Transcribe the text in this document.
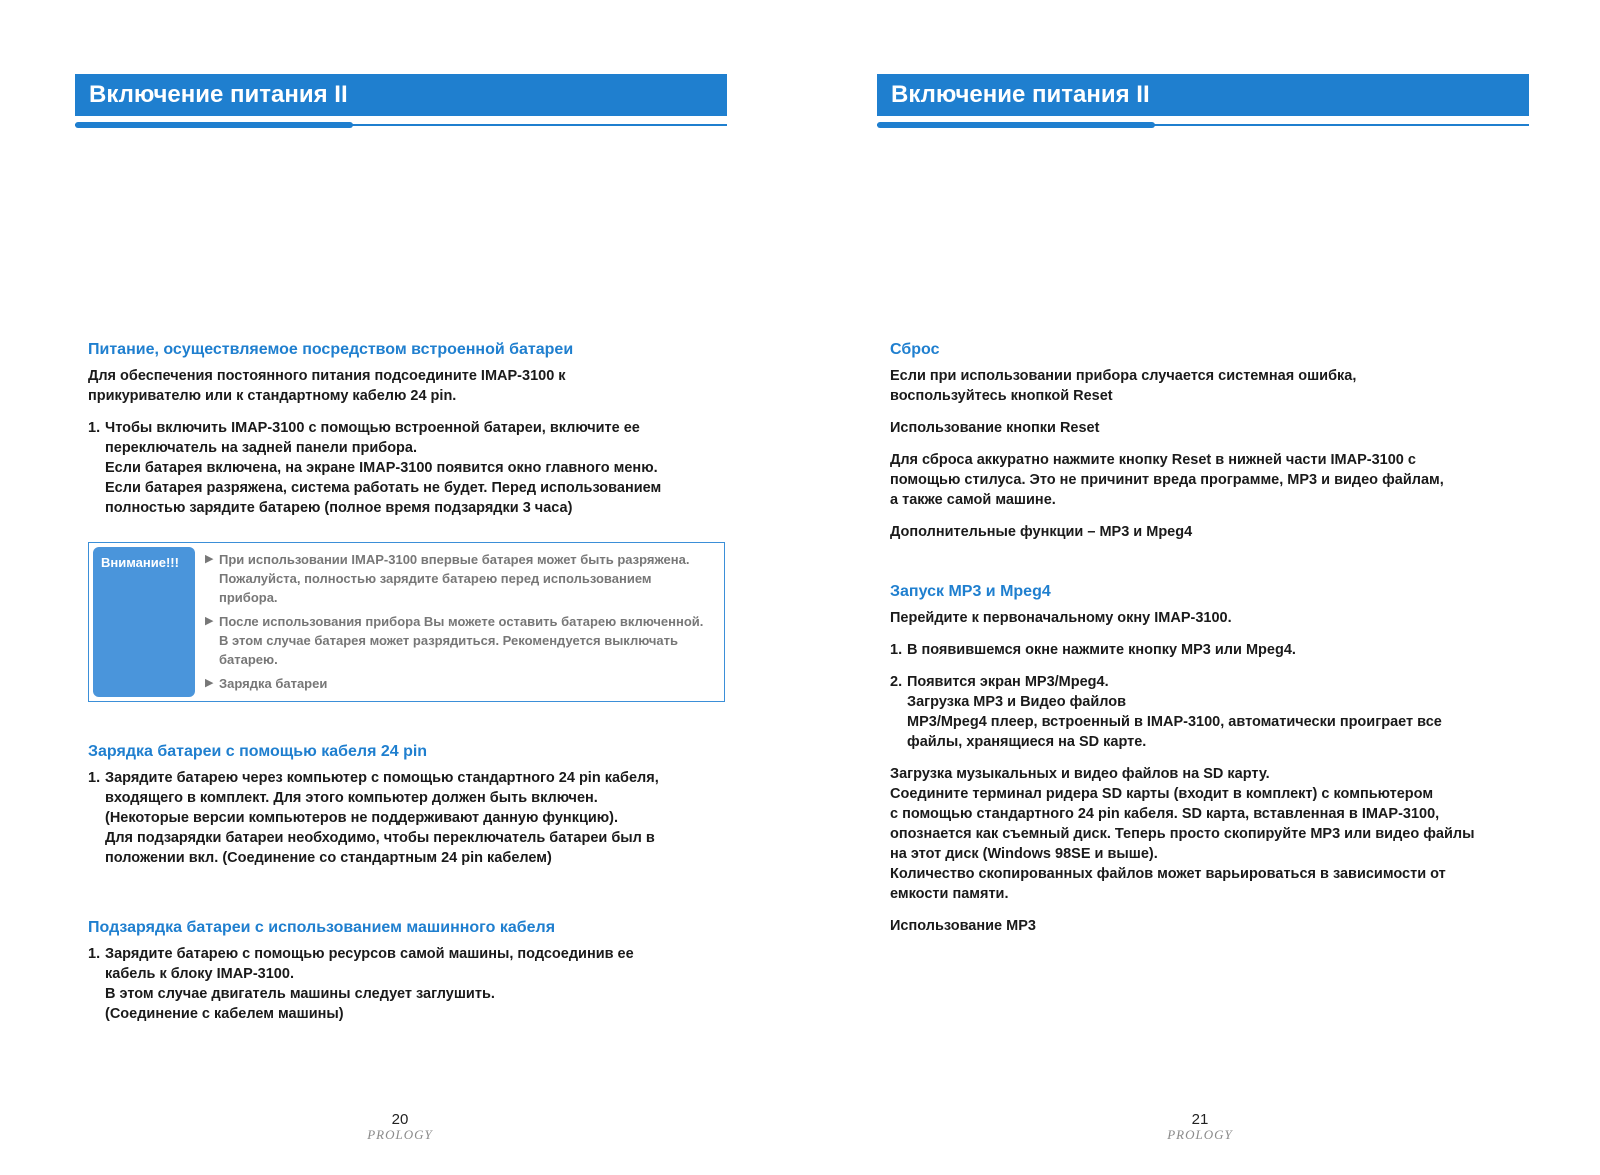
Включение питания II
Питание, осуществляемое посредством встроенной батареи
Для обеспечения постоянного питания подсоедините IMAP-3100 к
прикуривателю или к стандартному кабелю 24 pin.
1. Чтобы включить IMAP-3100 с помощью встроенной батареи, включите ее
переключатель на задней панели прибора.
Если батарея включена, на экране IMAP-3100 появится окно главного меню.
Если батарея разряжена, система работать не будет. Перед использованием
полностью зарядите батарею (полное время подзарядки 3 часа)
Внимание!!!	▶ При использовании IMAP-3100 впервые батарея может быть разряжена.
Пожалуйста, полностью зарядите батарею перед использованием
прибора.
▶ После использования прибора Вы можете оставить батарею включенной.
В этом случае батарея может разрядиться. Рекомендуется выключать
батарею.
▶ Зарядка батареи
Зарядка батареи с помощью кабеля 24 pin
1. Зарядите батарею через компьютер с помощью стандартного 24 pin кабеля,
входящего в комплект. Для этого компьютер должен быть включен.
(Некоторые версии компьютеров не поддерживают данную функцию).
Для подзарядки батареи необходимо, чтобы переключатель батареи был в
положении вкл. (Соединение со стандартным 24 pin кабелем)
Подзарядка батареи с использованием машинного кабеля
1. Зарядите батарею с помощью ресурсов самой машины, подсоединив ее
кабель к блоку IMAP-3100.
В этом случае двигатель машины следует заглушить.
(Соединение с кабелем машины)
20
PROLOGY
Включение питания II
Сброс
Если при использовании прибора случается системная ошибка,
воспользуйтесь кнопкой Reset
Использование кнопки Reset
Для сброса аккуратно нажмите кнопку Reset в нижней части IMAP-3100 с
помощью стилуса. Это не причинит вреда программе, MP3 и видео файлам,
а также самой машине.
Дополнительные функции – MP3 и Mpeg4
Запуск MP3 и Mpeg4
Перейдите к первоначальному окну IMAP-3100.
1. В появившемся окне нажмите кнопку MP3 или Mpeg4.
2. Появится экран MP3/Mpeg4.
Загрузка MP3 и Видео файлов
MP3/Mpeg4 плеер, встроенный в IMAP-3100, автоматически проигрaет все
файлы, хранящиеся на SD карте.
Загрузка музыкальных и видео файлов на SD карту.
Соедините терминал ридера SD карты (входит в комплект) с компьютером
с помощью стандартного 24 pin кабеля. SD карта, вставленная в IMAP-3100,
опознается как съемный диск. Теперь просто скопируйте MP3 или видео файлы
на этот диск (Windows 98SE и выше).
Количество скопированных файлов может варьироваться в зависимости от
емкости памяти.
Использование MP3
21
PROLOGY
